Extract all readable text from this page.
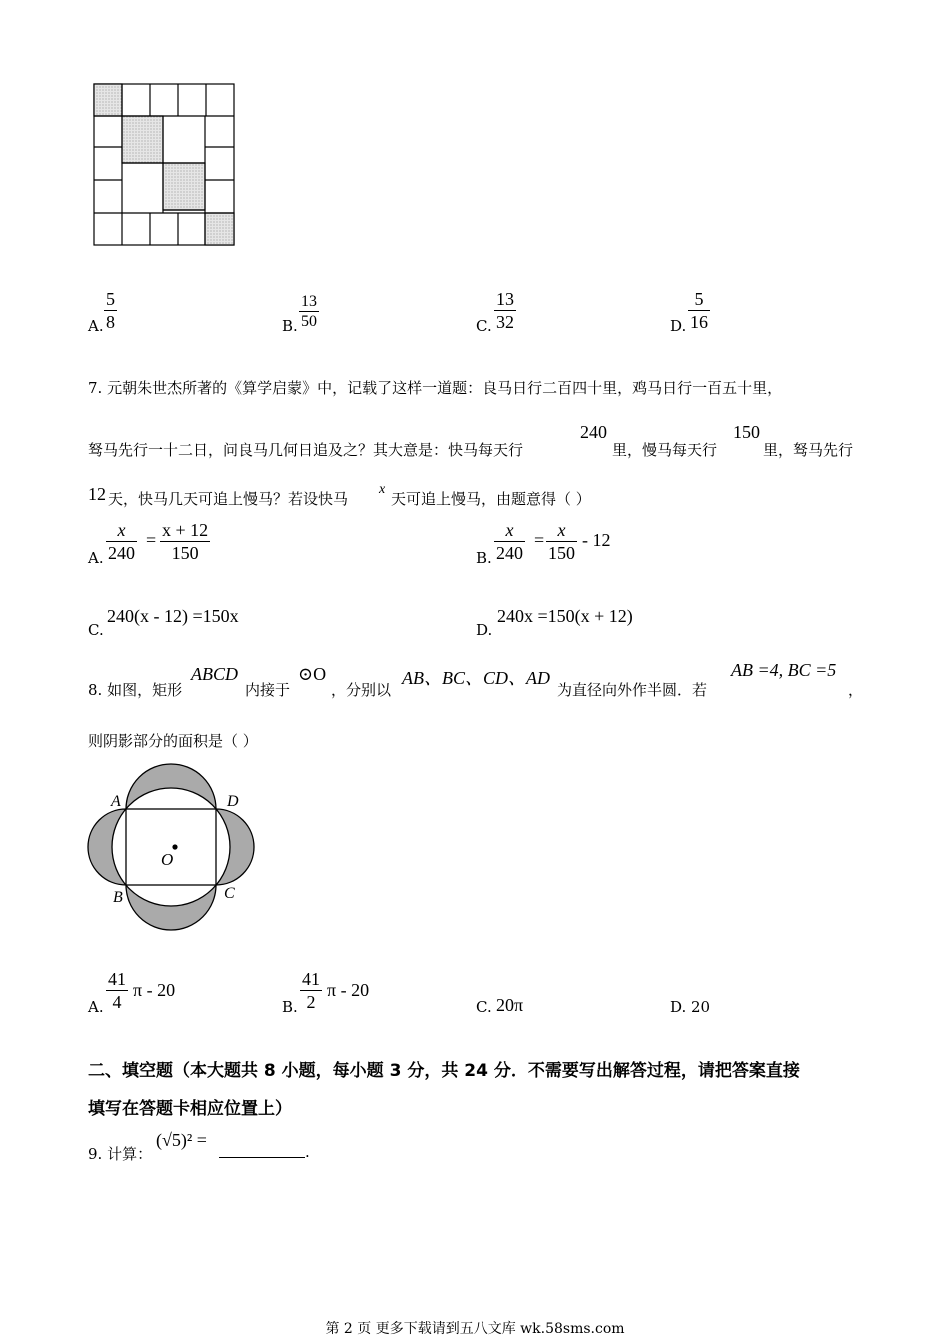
A. $\frac{5}{8}$	B. $\frac{13}{50}$	C. $\frac{13}{32}$	D. $\frac{5}{16}$
7. 元朝朱世杰所著的《算学启蒙》中，记载了这样一道题：良马日行二百四十里，鸡马日行一百五十里，
驽马先行一十二日，问良马几何日追及之？其大意是：快马每天行
240
里，慢马每天行
150
里，驽马先行
12 天，快马几天可追上慢马？若设快马
x
天可追上慢马，由题意得（ ）
A. $\frac{x}{240} = \frac{x + 12}{150}$	B. $\frac{x}{240} = \frac{x}{150} - 12$
C.
240(x - 12) =150x
D.
240x =150(x + 12)
8. 如图，矩形
ABCD
内接于
⊙O
，分别以
AB、BC、CD、AD
为直径向外作半圆．若
AB =4, BC =5
，
则阴影部分的面积是（ ）
A	D
B	C
O
A. $\frac{41}{4}$ π - 20
B. $\frac{41}{2}$ π - 20
C. 20π	D. 20
二、填空题（本大题共 8 小题，每小题 3 分，共 24 分．不需要写出解答过程，请把答案直接
填写在答题卡相应位置上）
9. 计算：
(√5)² =
.
第 2 页 更多下载请到五八文库 wk.58sms.com
